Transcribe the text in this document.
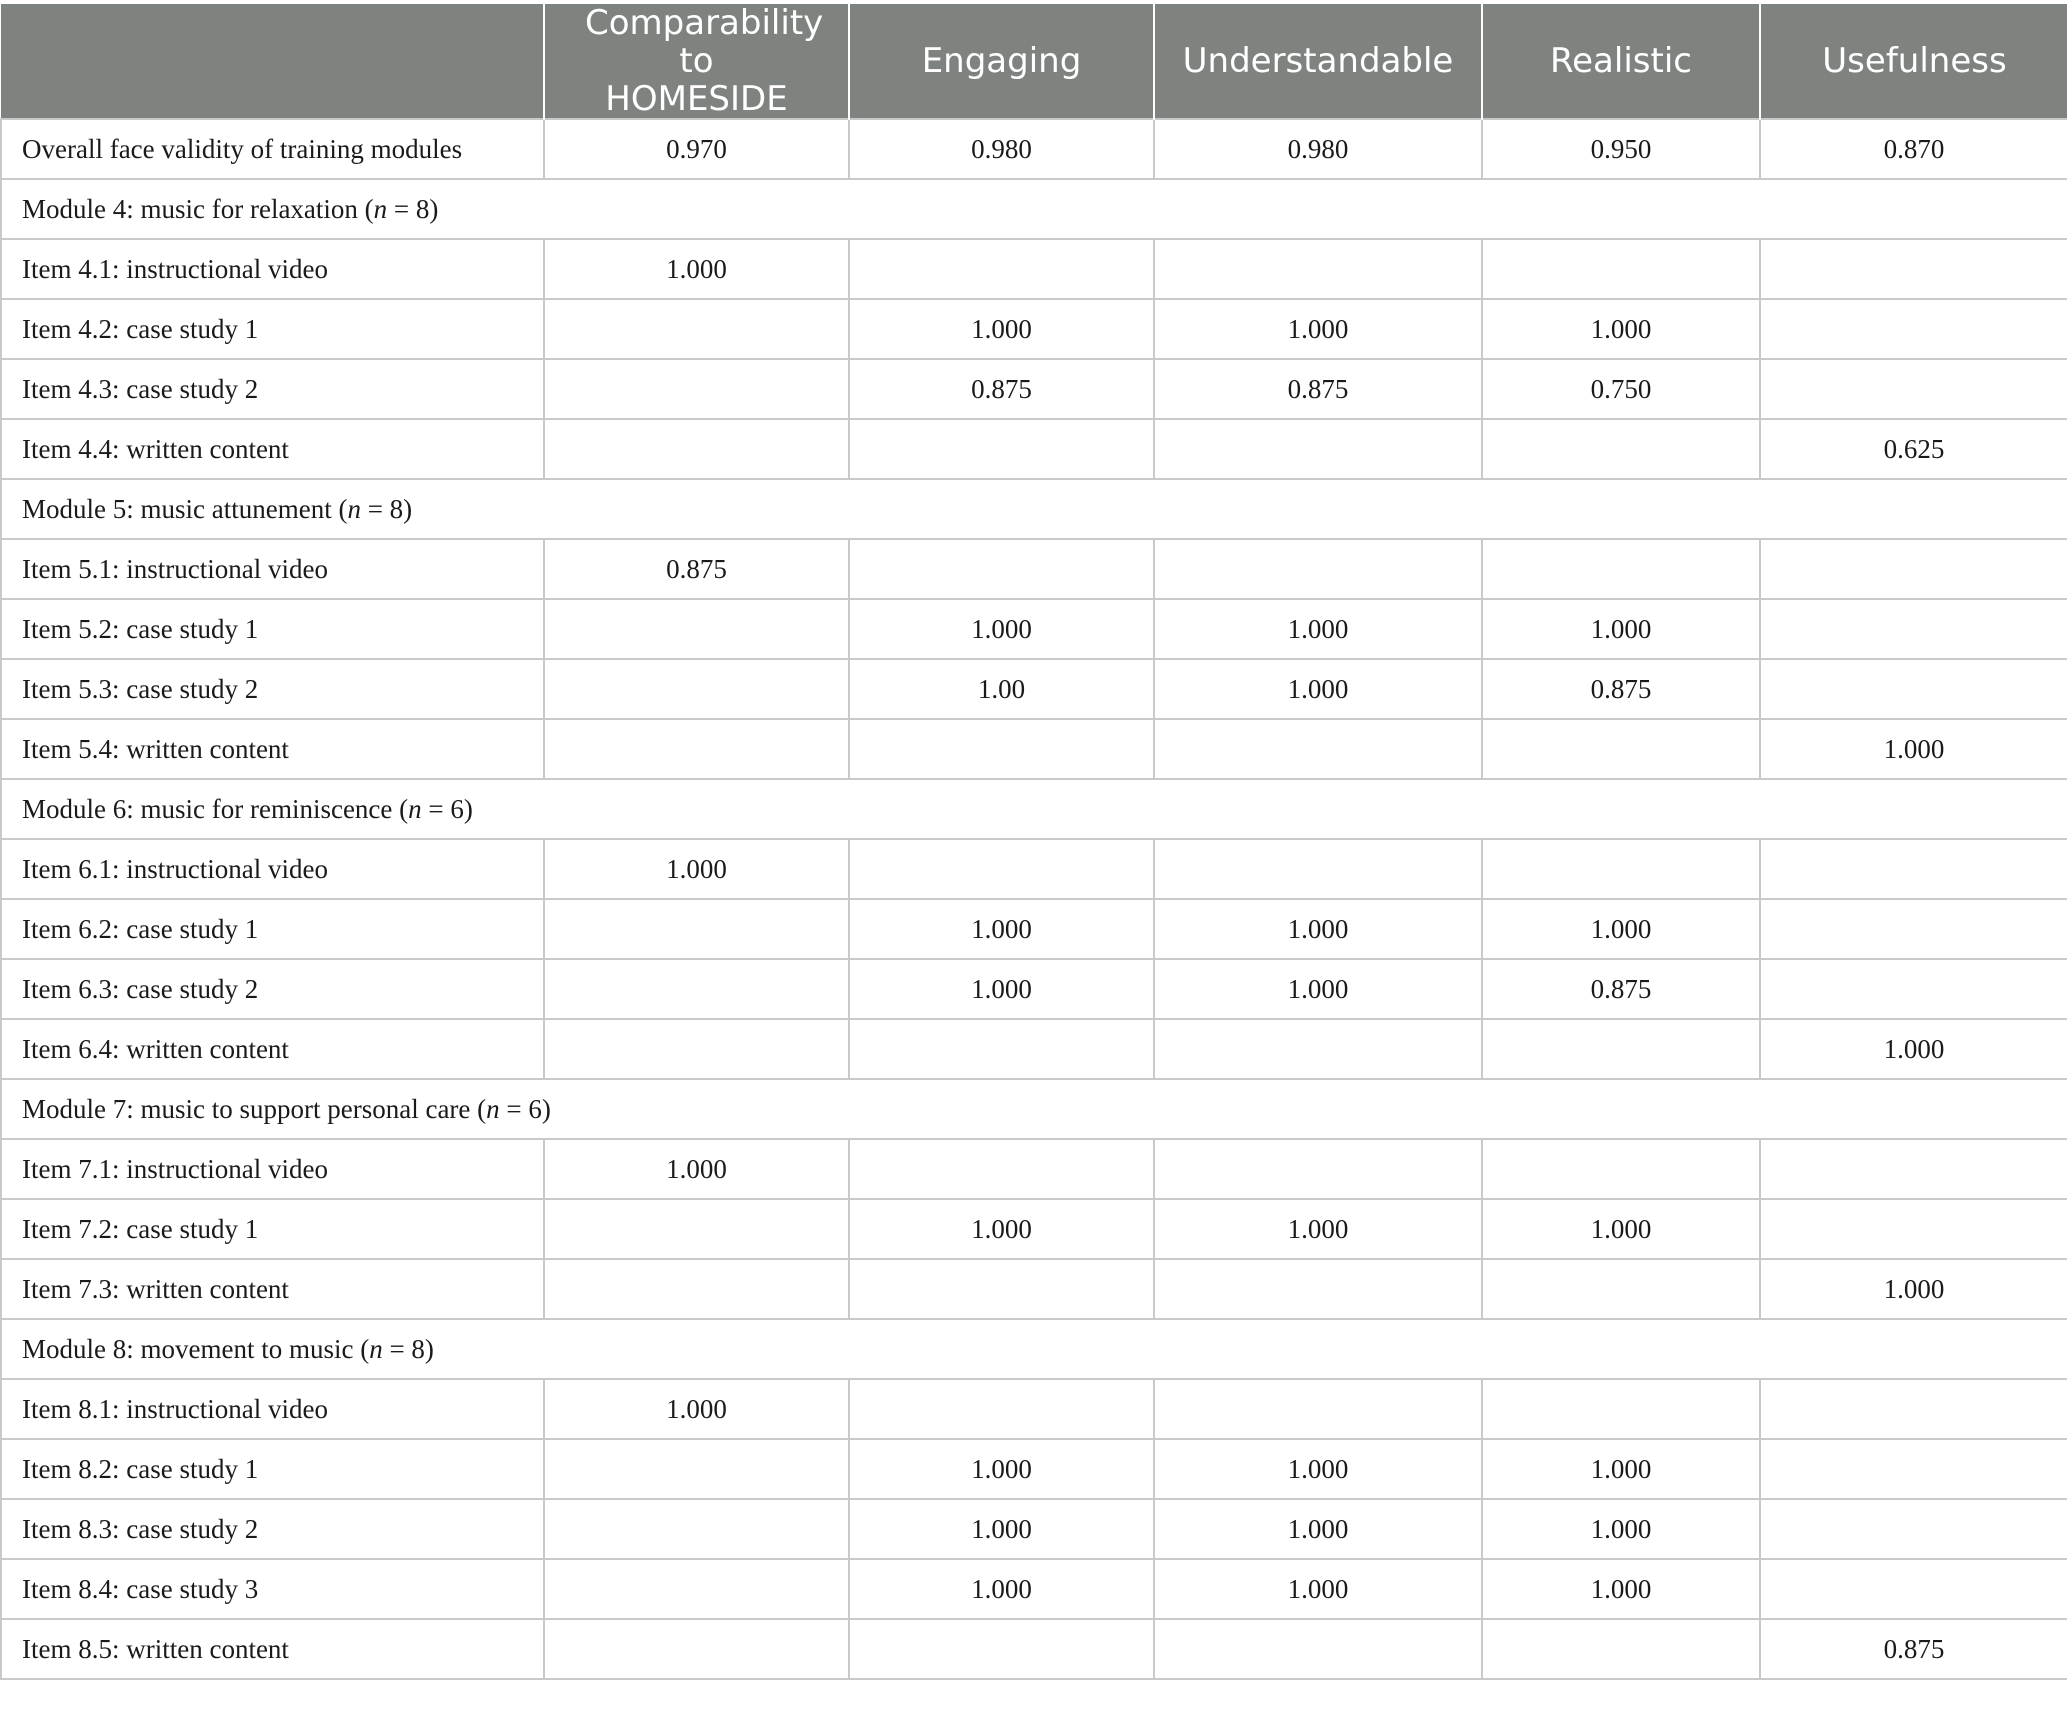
	Comparability to HOMESIDE	Engaging	Understandable	Realistic	Usefulness
Overall face validity of training modules	0.970	0.980	0.980	0.950	0.870
Module 4: music for relaxation (n = 8)					
Item 4.1: instructional video	1.000				
Item 4.2: case study 1		1.000	1.000	1.000	
Item 4.3: case study 2		0.875	0.875	0.750	
Item 4.4: written content					0.625
Module 5: music attunement (n = 8)					
Item 5.1: instructional video	0.875				
Item 5.2: case study 1		1.000	1.000	1.000	
Item 5.3: case study 2		1.00	1.000	0.875	
Item 5.4: written content					1.000
Module 6: music for reminiscence (n = 6)					
Item 6.1: instructional video	1.000				
Item 6.2: case study 1		1.000	1.000	1.000	
Item 6.3: case study 2		1.000	1.000	0.875	
Item 6.4: written content					1.000
Module 7: music to support personal care (n = 6)					
Item 7.1: instructional video	1.000				
Item 7.2: case study 1		1.000	1.000	1.000	
Item 7.3: written content					1.000
Module 8: movement to music (n = 8)					
Item 8.1: instructional video	1.000				
Item 8.2: case study 1		1.000	1.000	1.000	
Item 8.3: case study 2		1.000	1.000	1.000	
Item 8.4: case study 3		1.000	1.000	1.000	
Item 8.5: written content					0.875
